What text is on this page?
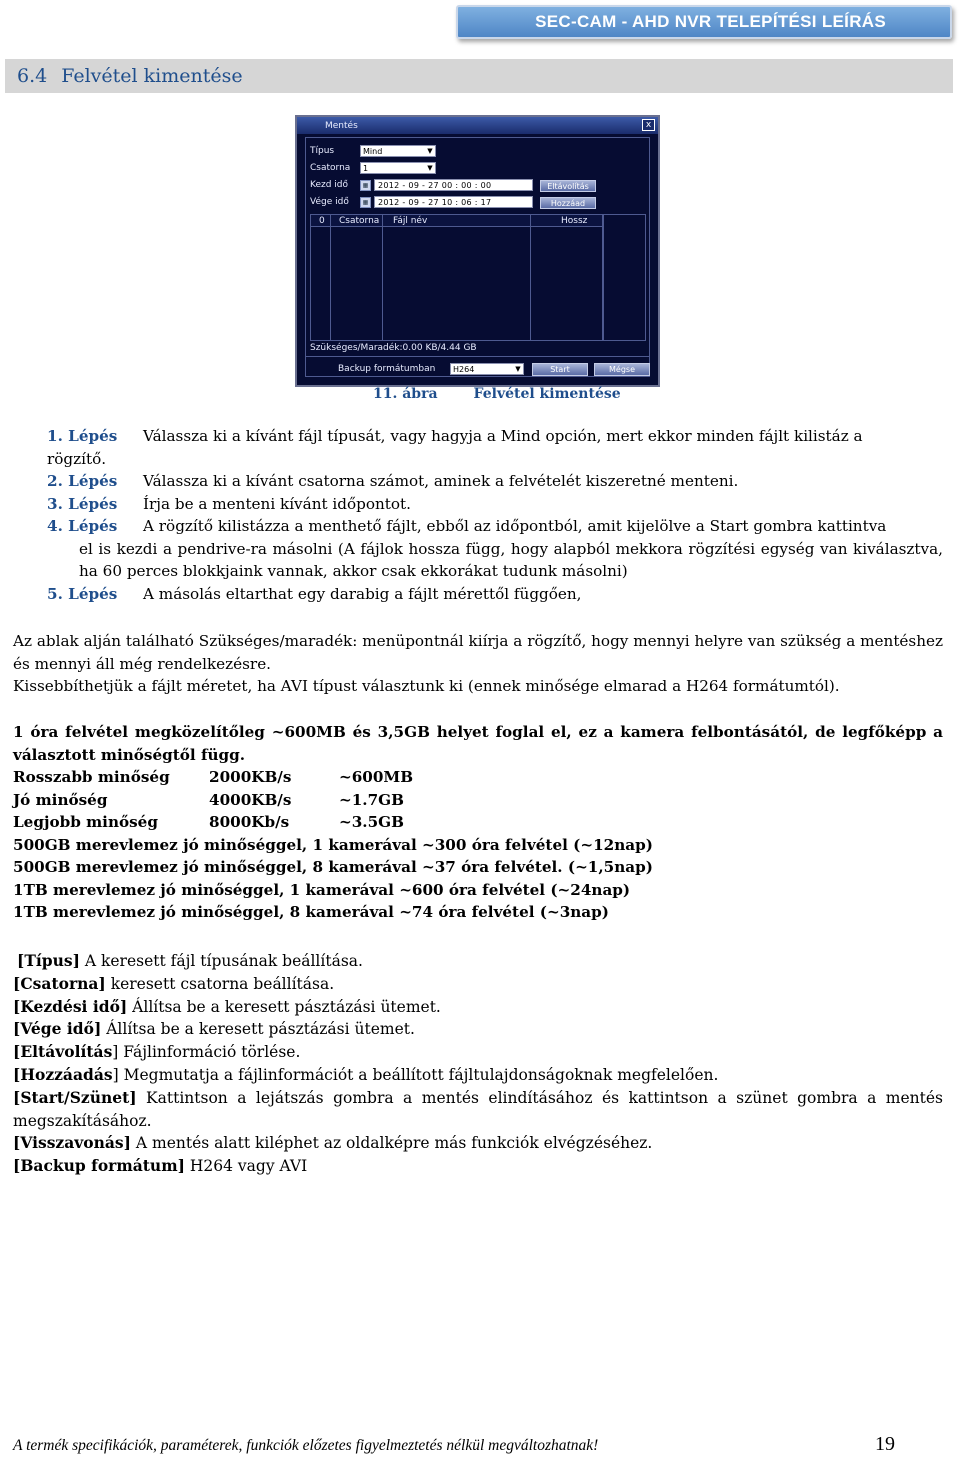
SEC-CAM - AHD NVR TELEPÍTÉSI LEÍRÁS
6.4 Felvétel kimentése
Mentés	x
Típus	Mind	▼
Csatorna	1	▼
Kezd idő	▦	2012 - 09 - 27 00 : 00 : 00
Vége idő	▦	2012 - 09 - 27 10 : 06 : 17
Eltávolítás
Hozzáad
0	Csatorna	Fájl név	Hossz
Szükséges/Maradék:0.00 KB/4.44 GB
Backup formátumban	H264	▼	Start	Mégse
11. ábra	Felvétel kimentése
1. Lépés	Válassza ki a kívánt fájl típusát, vagy hagyja a Mind opción, mert ekkor minden fájlt kilistáz a
rögzítő.
2. Lépés	Válassza ki a kívánt csatorna számot, aminek a felvételét kiszeretné menteni.
3. Lépés	Írja be a menteni kívánt időpontot.
4. Lépés	A rögzítő kilistázza a menthető fájlt, ebből az időpontból, amit kijelölve a Start gombra kattintva
el is kezdi a pendrive-ra másolni (A fájlok hossza függ, hogy alapból mekkora rögzítési egység van kiválasztva, ha 60 perces blokkjaink vannak, akkor csak ekkorákat tudunk másolni)
5. Lépés	A másolás eltarthat egy darabig a fájlt mérettől függően,
Az ablak alján található Szükséges/maradék: menüpontnál kiírja a rögzítő, hogy mennyi helyre van szükség a mentéshez és mennyi áll még rendelkezésre.
Kissebbíthetjük a fájlt méretet, ha AVI típust választunk ki (ennek minősége elmarad a H264 formátumtól).
1 óra felvétel megközelítőleg ~600MB és 3,5GB helyet foglal el, ez a kamera felbontásától, de legfőképp a választott minőségtől függ.
Rosszabb minőség	2000KB/s	~600MB
Jó minőség	4000KB/s	~1.7GB
Legjobb minőség	8000Kb/s	~3.5GB
500GB merevlemez jó minőséggel, 1 kamerával ~300 óra felvétel (~12nap)
500GB merevlemez jó minőséggel, 8 kamerával ~37 óra felvétel. (~1,5nap)
1TB merevlemez jó minőséggel, 1 kamerával ~600 óra felvétel (~24nap)
1TB merevlemez jó minőséggel, 8 kamerával ~74 óra felvétel (~3nap)
[Típus] A keresett fájl típusának beállítása.
[Csatorna] keresett csatorna beállítása.
[Kezdési idő] Állítsa be a keresett pásztázási ütemet.
[Vége idő] Állítsa be a keresett pásztázási ütemet.
[Eltávolítás] Fájlinformáció törlése.
[Hozzáadás] Megmutatja a fájlinformációt a beállított fájltulajdonságoknak megfelelően.
[Start/Szünet] Kattintson a lejátszás gombra a mentés elindításához és kattintson a szünet gombra a mentés megszakításához.
[Visszavonás] A mentés alatt kiléphet az oldalképre más funkciók elvégzéséhez.
[Backup formátum] H264 vagy AVI
A termék specifikációk, paraméterek, funkciók előzetes figyelmeztetés nélkül megváltozhatnak!	19
